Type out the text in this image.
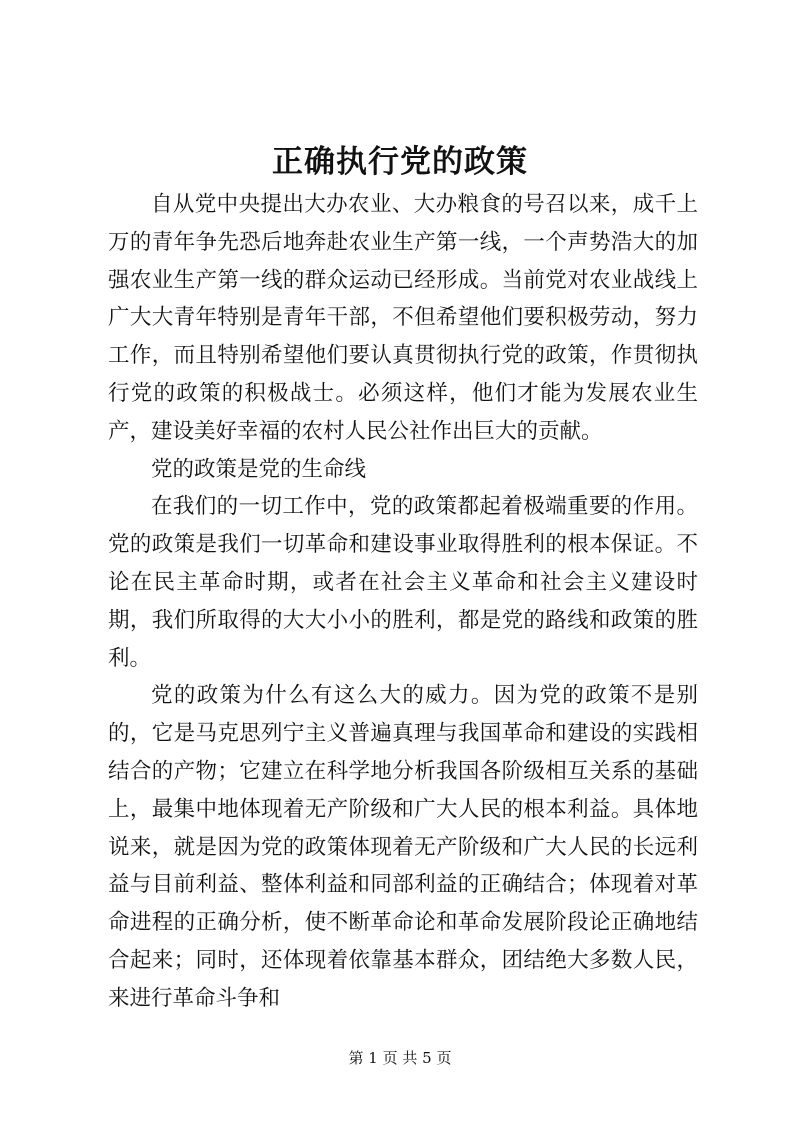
正确执行党的政策

自从党中央提出大办农业、大办粮食的号召以来，成千上万的青年争先恐后地奔赴农业生产第一线，一个声势浩大的加强农业生产第一线的群众运动已经形成。当前党对农业战线上广大大青年特别是青年干部，不但希望他们要积极劳动，努力工作，而且特别希望他们要认真贯彻执行党的政策，作贯彻执行党的政策的积极战士。必须这样，他们才能为发展农业生产，建设美好幸福的农村人民公社作出巨大的贡献。

党的政策是党的生命线

在我们的一切工作中，党的政策都起着极端重要的作用。党的政策是我们一切革命和建设事业取得胜利的根本保证。不论在民主革命时期，或者在社会主义革命和社会主义建设时期，我们所取得的大大小小的胜利，都是党的路线和政策的胜利。

党的政策为什么有这么大的威力。因为党的政策不是别的，它是马克思列宁主义普遍真理与我国革命和建设的实践相结合的产物；它建立在科学地分析我国各阶级相互关系的基础上，最集中地体现着无产阶级和广大人民的根本利益。具体地说来，就是因为党的政策体现着无产阶级和广大人民的长远利益与目前利益、整体利益和同部利益的正确结合；体现着对革命进程的正确分析，使不断革命论和革命发展阶段论正确地结合起来；同时，还体现着依靠基本群众，团结绝大多数人民，来进行革命斗争和

第 1 页 共 5 页
